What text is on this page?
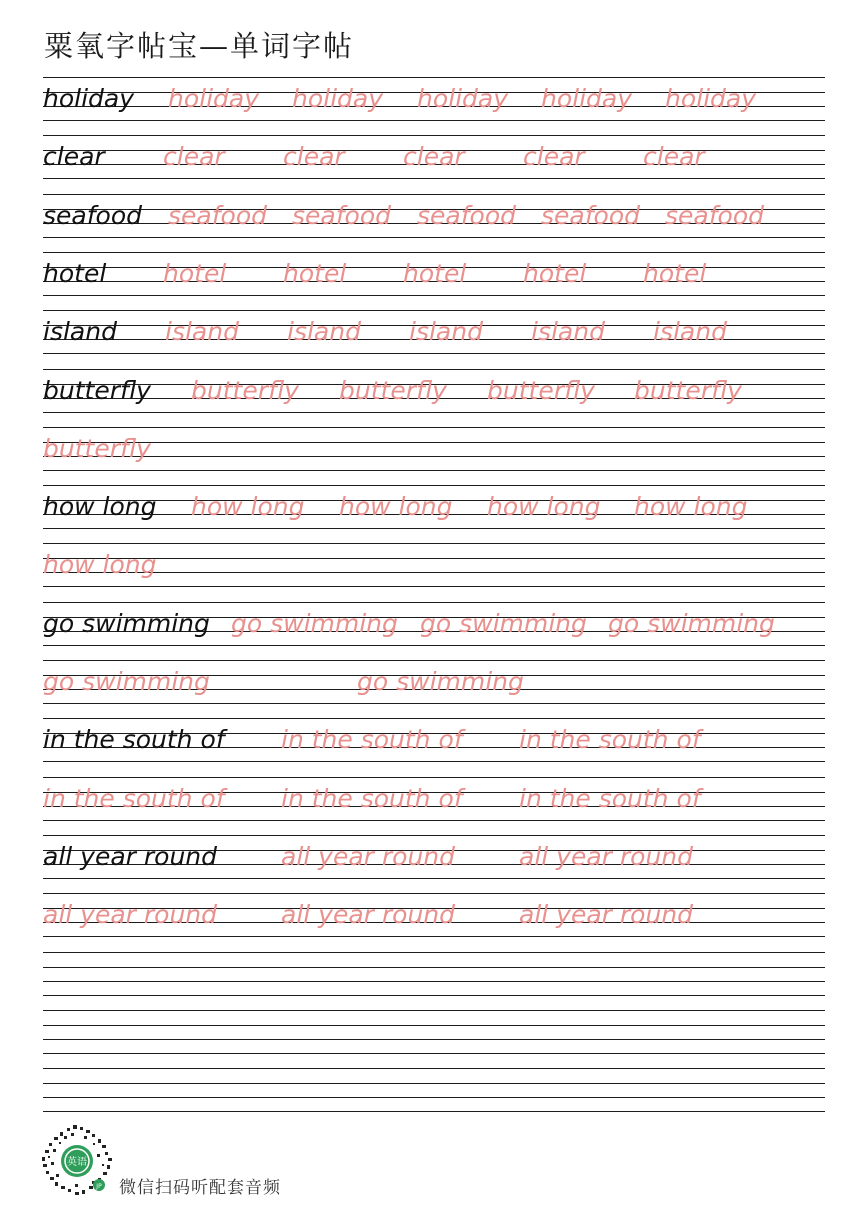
粟氧字帖宝—单词字帖
holiday holiday holiday holiday holiday holiday
clear clear clear clear clear clear
seafood seafood seafood seafood seafood seafood
hotel hotel hotel hotel hotel hotel
island island island island island island
butterfly butterfly butterfly butterfly butterfly
butterfly
how long how long how long how long how long
how long
go swimming go swimming go swimming go swimming
go swimming	go swimming
in the south of in the south of in the south of
in the south of in the south of in the south of
all year round	all year round	all year round
all year round	all year round	all year round
英语
JP 微信扫码听配套音频
